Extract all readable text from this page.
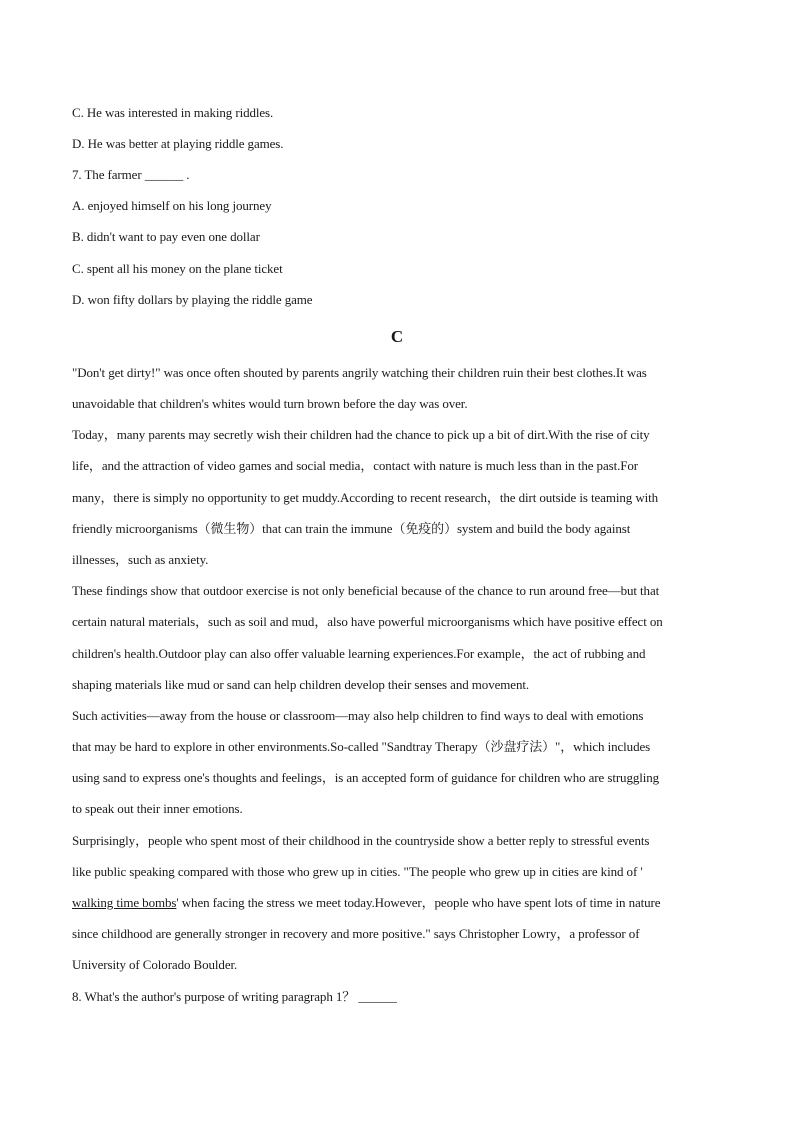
C. He was interested in making riddles.
D. He was better at playing riddle games.
7. The farmer ______ .
A. enjoyed himself on his long journey
B. didn't want to pay even one dollar
C. spent all his money on the plane ticket
D. won fifty dollars by playing the riddle game
C
"Don't get dirty!" was once often shouted by parents angrily watching their children ruin their best clothes.It was
unavoidable that children's whites would turn brown before the day was over.
Today，many parents may secretly wish their children had the chance to pick up a bit of dirt.With the rise of city
life，and the attraction of video games and social media，contact with nature is much less than in the past.For
many，there is simply no opportunity to get muddy.According to recent research，the dirt outside is teaming with
friendly microorganisms（微生物）that can train the immune（免疫的）system and build the body against
illnesses，such as anxiety.
These findings show that outdoor exercise is not only beneficial because of the chance to run around free—but that
certain natural materials，such as soil and mud，also have powerful microorganisms which have positive effect on
children's health.Outdoor play can also offer valuable learning experiences.For example，the act of rubbing and
shaping materials like mud or sand can help children develop their senses and movement.
Such activities—away from the house or classroom—may also help children to find ways to deal with emotions
that may be hard to explore in other environments.So-called "Sandtray Therapy（沙盘疗法）"，which includes
using sand to express one's thoughts and feelings，is an accepted form of guidance for children who are struggling
to speak out their inner emotions.
Surprisingly，people who spent most of their childhood in the countryside show a better reply to stressful events
like public speaking compared with those who grew up in cities. "The people who grew up in cities are kind of '
walking time bombs' when facing the stress we meet today.However，people who have spent lots of time in nature
since childhood are generally stronger in recovery and more positive." says Christopher Lowry，a professor of
University of Colorado Boulder.
8. What's the author's purpose of writing paragraph 1？ ______
